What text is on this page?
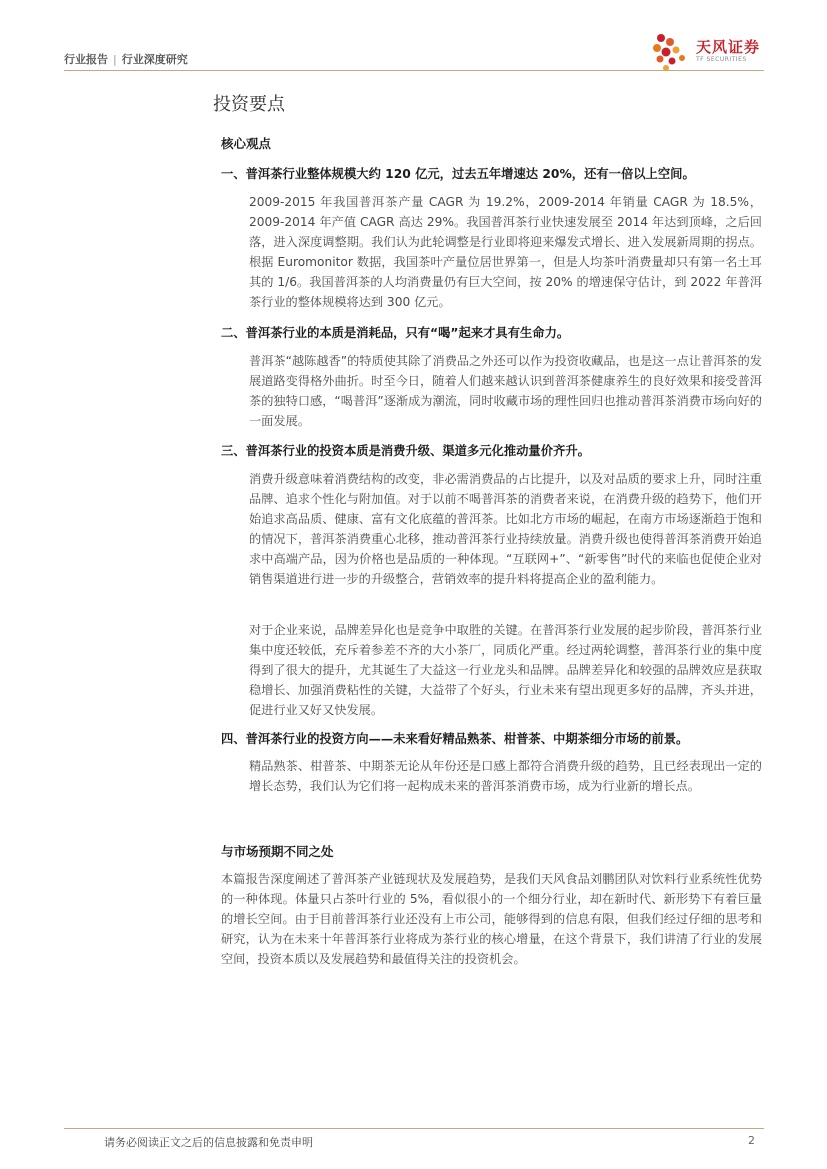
行业报告 | 行业深度研究
天风证券
TF SECURITIES
投资要点
核心观点
一、普洱茶行业整体规模大约 120 亿元，过去五年增速达 20%，还有一倍以上空间。
2009-2015 年我国普洱茶产量 CAGR 为 19.2%，2009-2014 年销量 CAGR 为 18.5%，2009-2014 年产值 CAGR 高达 29%。我国普洱茶行业快速发展至 2014 年达到顶峰，之后回落，进入深度调整期。我们认为此轮调整是行业即将迎来爆发式增长、进入发展新周期的拐点。根据 Euromonitor 数据，我国茶叶产量位居世界第一，但是人均茶叶消费量却只有第一名土耳其的 1/6。我国普洱茶的人均消费量仍有巨大空间，按 20% 的增速保守估计，到 2022 年普洱茶行业的整体规模将达到 300 亿元。
二、普洱茶行业的本质是消耗品，只有“喝”起来才具有生命力。
普洱茶“越陈越香”的特质使其除了消费品之外还可以作为投资收藏品，也是这一点让普洱茶的发展道路变得格外曲折。时至今日，随着人们越来越认识到普洱茶健康养生的良好效果和接受普洱茶的独特口感，“喝普洱”逐渐成为潮流，同时收藏市场的理性回归也推动普洱茶消费市场向好的一面发展。
三、普洱茶行业的投资本质是消费升级、渠道多元化推动量价齐升。
消费升级意味着消费结构的改变，非必需消费品的占比提升，以及对品质的要求上升，同时注重品牌、追求个性化与附加值。对于以前不喝普洱茶的消费者来说，在消费升级的趋势下，他们开始追求高品质、健康、富有文化底蕴的普洱茶。比如北方市场的崛起，在南方市场逐渐趋于饱和的情况下，普洱茶消费重心北移，推动普洱茶行业持续放量。消费升级也使得普洱茶消费开始追求中高端产品，因为价格也是品质的一种体现。“互联网+”、“新零售”时代的来临也促使企业对销售渠道进行进一步的升级整合，营销效率的提升料将提高企业的盈利能力。
对于企业来说，品牌差异化也是竞争中取胜的关键。在普洱茶行业发展的起步阶段，普洱茶行业集中度还较低，充斥着参差不齐的大小茶厂，同质化严重。经过两轮调整，普洱茶行业的集中度得到了很大的提升，尤其诞生了大益这一行业龙头和品牌。品牌差异化和较强的品牌效应是获取稳增长、加强消费粘性的关键，大益带了个好头，行业未来有望出现更多好的品牌，齐头并进，促进行业又好又快发展。
四、普洱茶行业的投资方向——未来看好精品熟茶、柑普茶、中期茶细分市场的前景。
精品熟茶、柑普茶、中期茶无论从年份还是口感上都符合消费升级的趋势，且已经表现出一定的增长态势，我们认为它们将一起构成未来的普洱茶消费市场，成为行业新的增长点。
与市场预期不同之处
本篇报告深度阐述了普洱茶产业链现状及发展趋势，是我们天风食品刘鹏团队对饮料行业系统性优势的一种体现。体量只占茶叶行业的 5%，看似很小的一个细分行业，却在新时代、新形势下有着巨量的增长空间。由于目前普洱茶行业还没有上市公司，能够得到的信息有限，但我们经过仔细的思考和研究，认为在未来十年普洱茶行业将成为茶行业的核心增量，在这个背景下，我们讲清了行业的发展空间，投资本质以及发展趋势和最值得关注的投资机会。
请务必阅读正文之后的信息披露和免责申明	2
